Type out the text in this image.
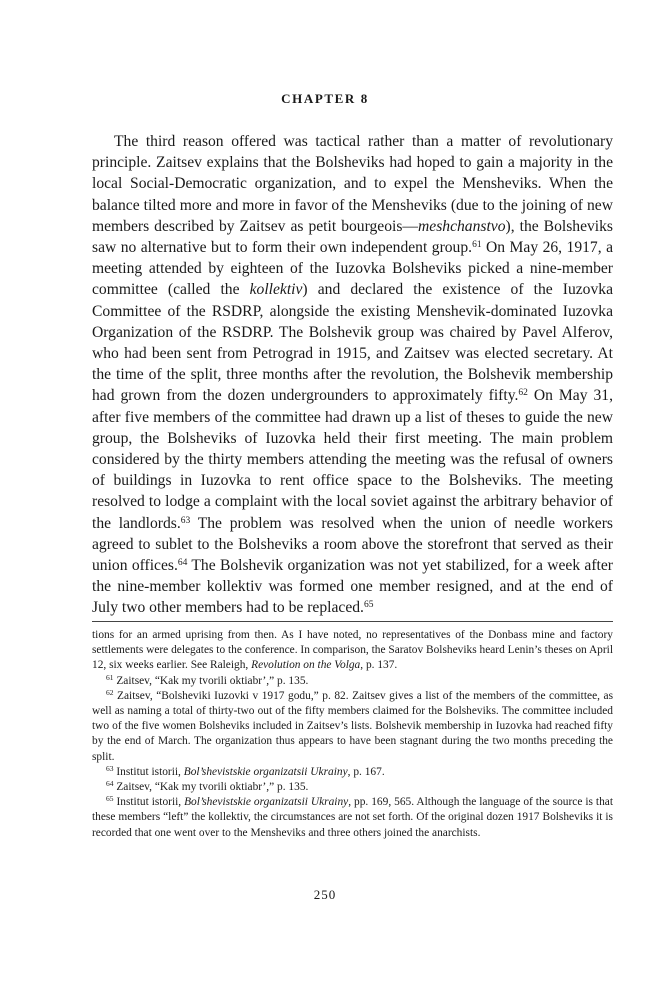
CHAPTER 8

The third reason offered was tactical rather than a matter of revolutionary principle. Zaitsev explains that the Bolsheviks had hoped to gain a majority in the local Social-Democratic organization, and to expel the Mensheviks. When the balance tilted more and more in favor of the Mensheviks (due to the joining of new members described by Zaitsev as petit bourgeois—meshchanstvo), the Bolsheviks saw no alternative but to form their own independent group.$^{61}$ On May 26, 1917, a meeting attended by eighteen of the Iuzovka Bolsheviks picked a nine-member committee (called the kollektiv) and declared the existence of the Iuzovka Committee of the RSDRP, alongside the existing Menshevik-dominated Iuzovka Organization of the RSDRP. The Bolshevik group was chaired by Pavel Alferov, who had been sent from Petrograd in 1915, and Zaitsev was elected secretary. At the time of the split, three months after the revolution, the Bolshevik membership had grown from the dozen undergrounders to approximately fifty.$^{62}$ On May 31, after five members of the committee had drawn up a list of theses to guide the new group, the Bolsheviks of Iuzovka held their first meeting. The main problem considered by the thirty members attending the meeting was the refusal of owners of buildings in Iuzovka to rent office space to the Bolsheviks. The meeting resolved to lodge a complaint with the local soviet against the arbitrary behavior of the landlords.$^{63}$ The problem was resolved when the union of needle workers agreed to sublet to the Bolsheviks a room above the storefront that served as their union offices.$^{64}$ The Bolshevik organization was not yet stabilized, for a week after the nine-member kollektiv was formed one member resigned, and at the end of July two other members had to be replaced.$^{65}$

tions for an armed uprising from then. As I have noted, no representatives of the Donbass mine and factory settlements were delegates to the conference. In comparison, the Saratov Bolsheviks heard Lenin’s theses on April 12, six weeks earlier. See Raleigh, Revolution on the Volga, p. 137.

$^{61}$ Zaitsev, “Kak my tvorili oktiabr’,” p. 135.

$^{62}$ Zaitsev, “Bolsheviki Iuzovki v 1917 godu,” p. 82. Zaitsev gives a list of the members of the committee, as well as naming a total of thirty-two out of the fifty members claimed for the Bolsheviks. The committee included two of the five women Bolsheviks included in Zaitsev’s lists. Bolshevik membership in Iuzovka had reached fifty by the end of March. The organization thus appears to have been stagnant during the two months preceding the split.

$^{63}$ Institut istorii, Bol’shevistskie organizatsii Ukrainy, p. 167.

$^{64}$ Zaitsev, “Kak my tvorili oktiabr’,” p. 135.

$^{65}$ Institut istorii, Bol’shevistskie organizatsii Ukrainy, pp. 169, 565. Although the language of the source is that these members “left” the kollektiv, the circumstances are not set forth. Of the original dozen 1917 Bolsheviks it is recorded that one went over to the Mensheviks and three others joined the anarchists.

250
